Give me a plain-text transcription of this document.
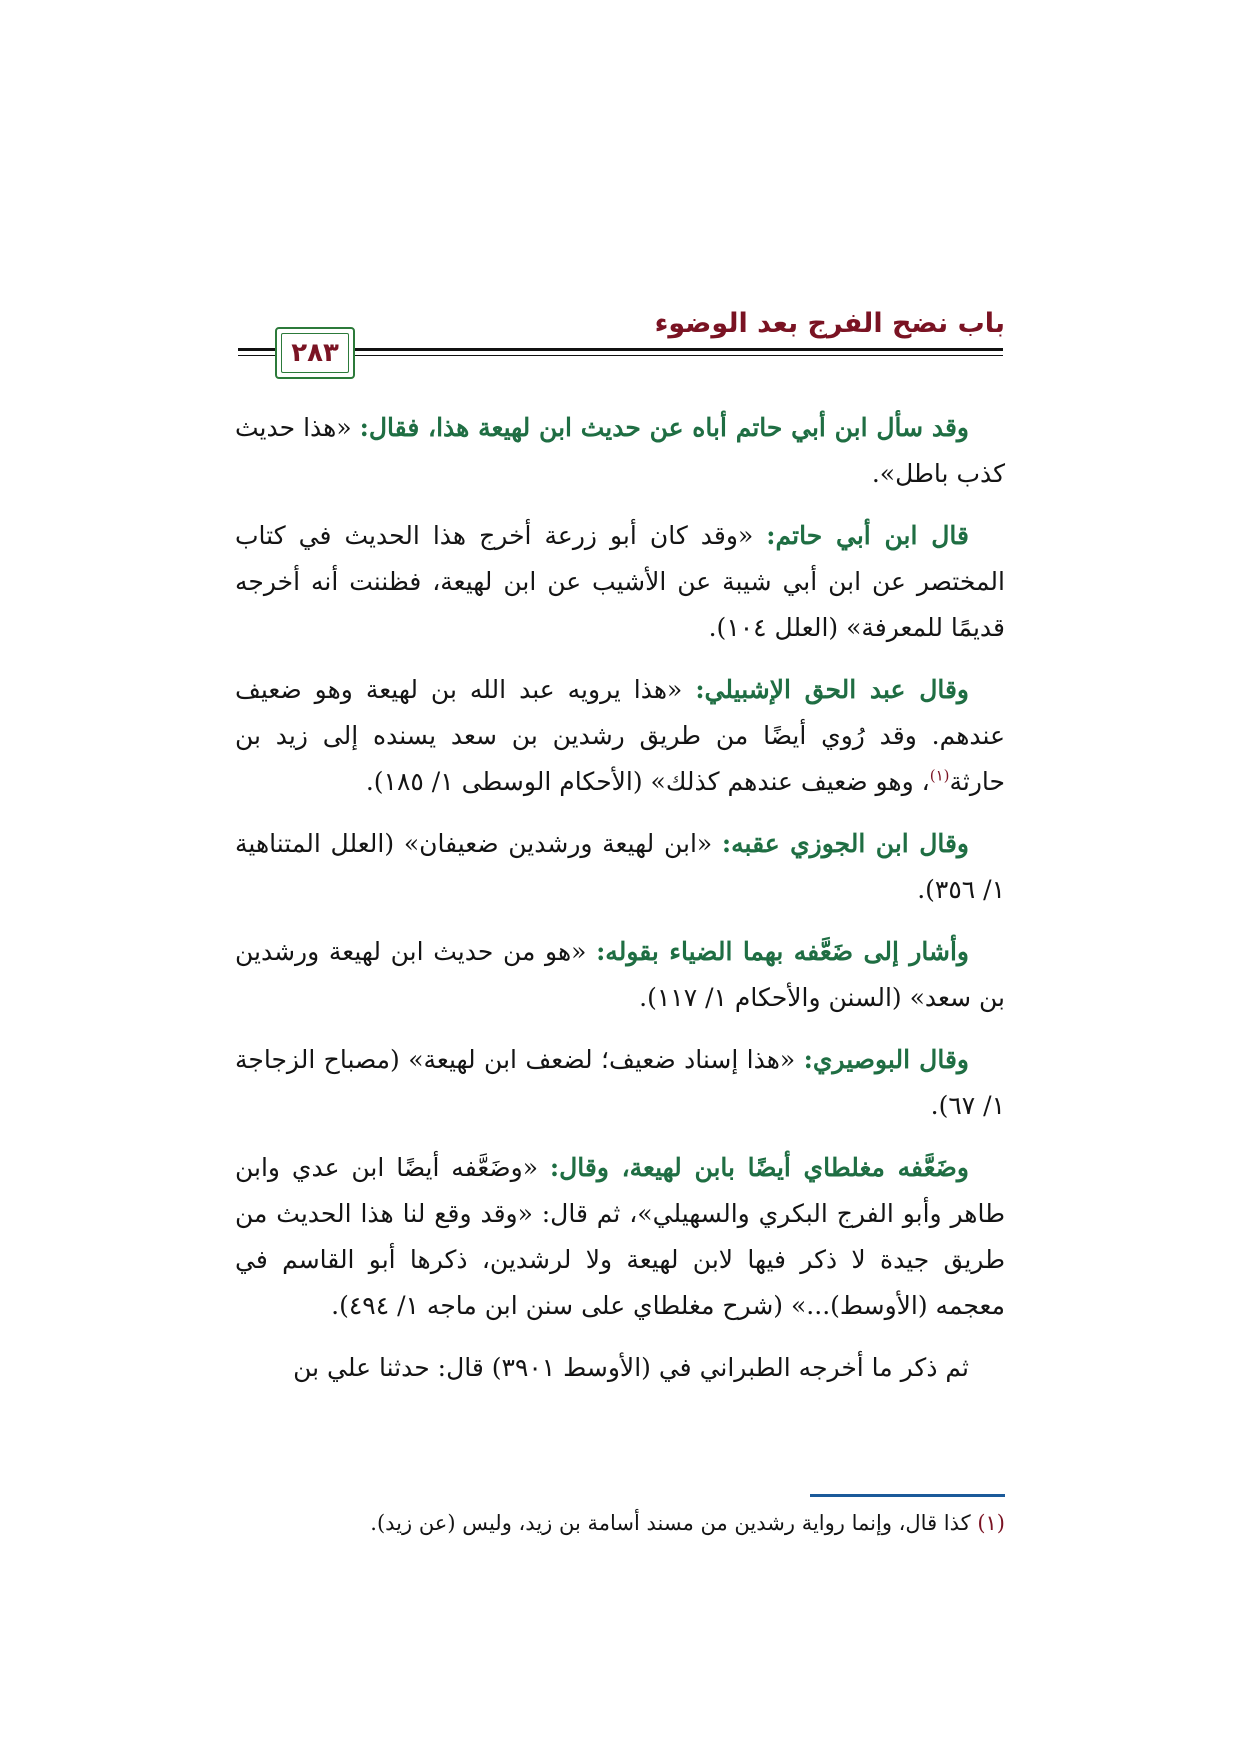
باب نضح الفرج بعد الوضوء
٢٨٣

وقد سأل ابن أبي حاتم أباه عن حديث ابن لهيعة هذا، فقال: «هذا حديث كذب باطل».

قال ابن أبي حاتم: «وقد كان أبو زرعة أخرج هذا الحديث في كتاب المختصر عن ابن أبي شيبة عن الأشيب عن ابن لهيعة، فظننت أنه أخرجه قديمًا للمعرفة» (العلل ١٠٤).

وقال عبد الحق الإشبيلي: «هذا يرويه عبد الله بن لهيعة وهو ضعيف عندهم. وقد رُوي أيضًا من طريق رشدين بن سعد يسنده إلى زيد بن حارثة$^{(١)}$، وهو ضعيف عندهم كذلك» (الأحكام الوسطى ١/ ١٨٥).

وقال ابن الجوزي عقبه: «ابن لهيعة ورشدين ضعيفان» (العلل المتناهية ١/ ٣٥٦).

وأشار إلى ضَعَّفه بهما الضياء بقوله: «هو من حديث ابن لهيعة ورشدين بن سعد» (السنن والأحكام ١/ ١١٧).

وقال البوصيري: «هذا إسناد ضعيف؛ لضعف ابن لهيعة» (مصباح الزجاجة ١/ ٦٧).

وضَعَّفه مغلطاي أيضًا بابن لهيعة، وقال: «وضَعَّفه أيضًا ابن عدي وابن طاهر وأبو الفرج البكري والسهيلي»، ثم قال: «وقد وقع لنا هذا الحديث من طريق جيدة لا ذكر فيها لابن لهيعة ولا لرشدين، ذكرها أبو القاسم في معجمه (الأوسط)...» (شرح مغلطاي على سنن ابن ماجه ١/ ٤٩٤).

ثم ذكر ما أخرجه الطبراني في (الأوسط ٣٩٠١) قال: حدثنا علي بن

(١) كذا قال، وإنما رواية رشدين من مسند أسامة بن زيد، وليس (عن زيد).
